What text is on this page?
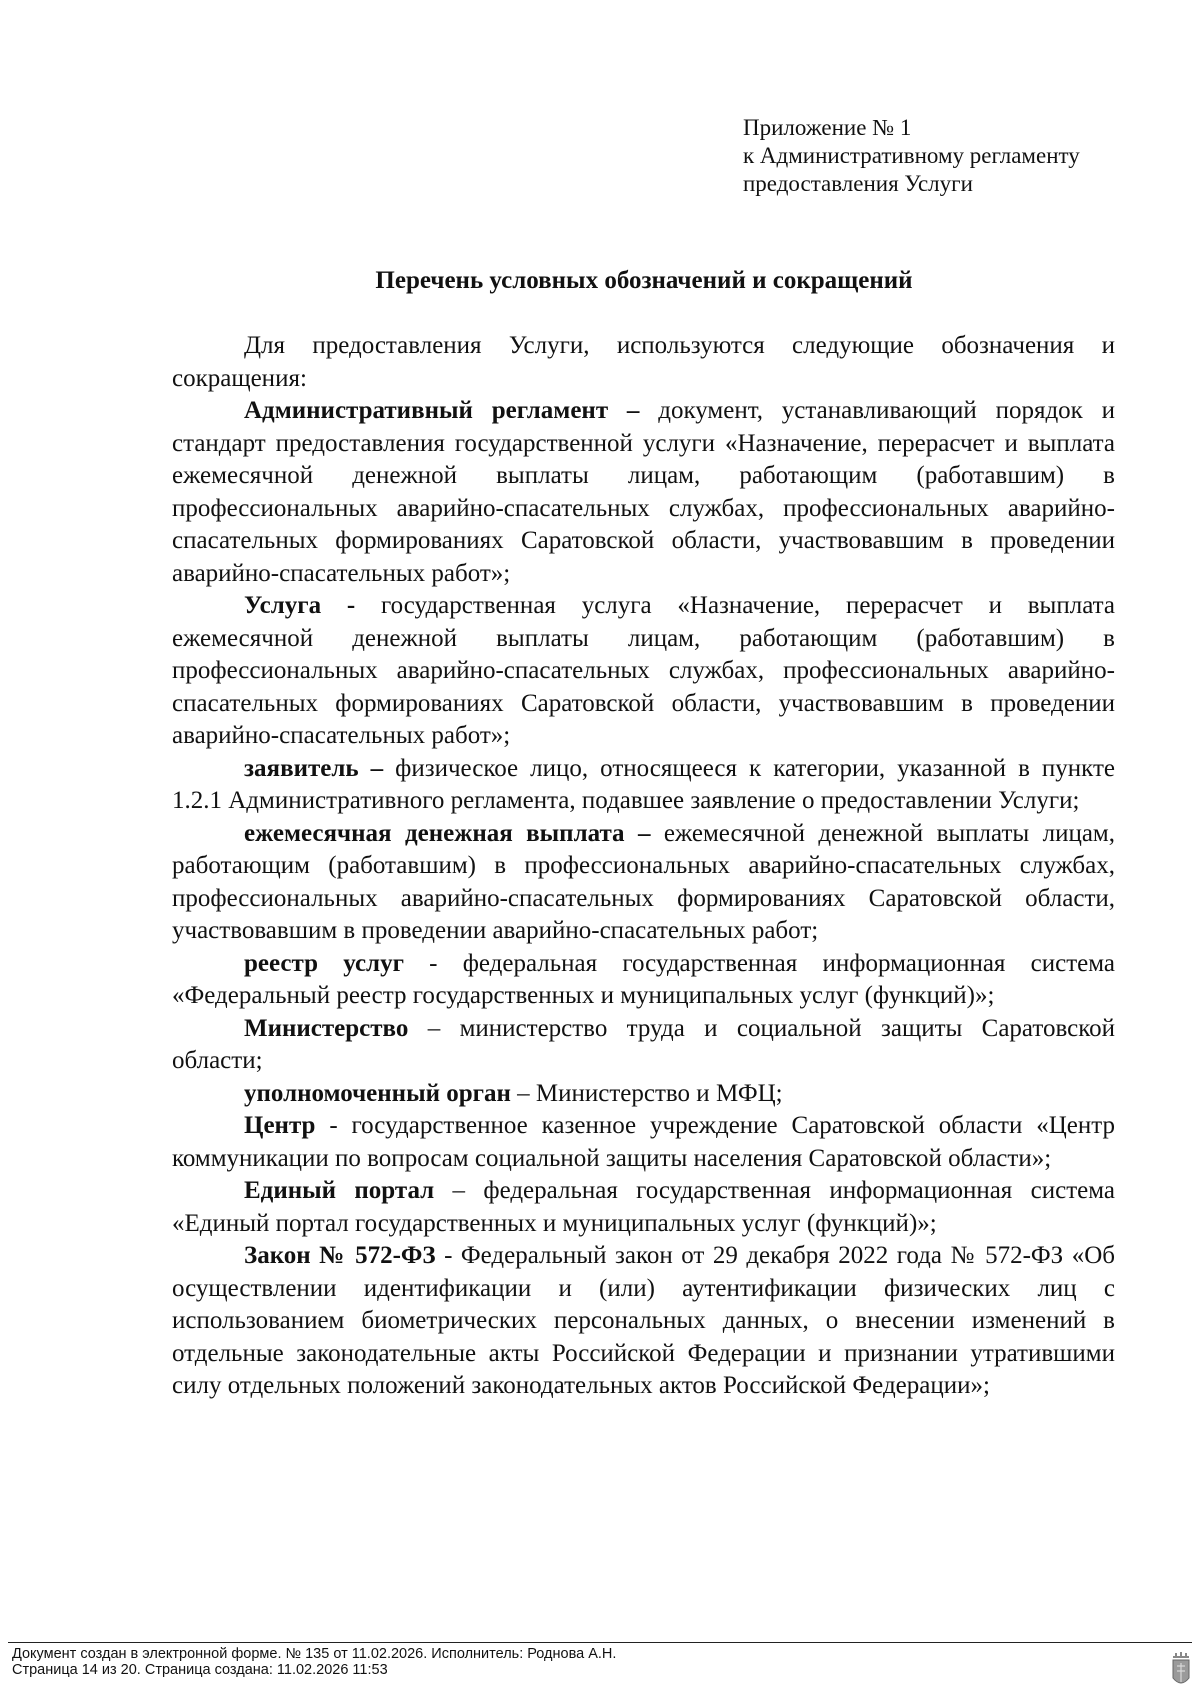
Приложение № 1
к Административному регламенту
предоставления Услуги
Перечень условных обозначений и сокращений

Для предоставления Услуги, используются следующие обозначения и сокращения:

Административный регламент – документ, устанавливающий порядок и стандарт предоставления государственной услуги «Назначение, перерасчет и выплата ежемесячной денежной выплаты лицам, работающим (работавшим) в профессиональных аварийно-спасательных службах, профессиональных аварийно-спасательных формированиях Саратовской области, участвовавшим в проведении аварийно-спасательных работ»;

Услуга - государственная услуга «Назначение, перерасчет и выплата ежемесячной денежной выплаты лицам, работающим (работавшим) в профессиональных аварийно-спасательных службах, профессиональных аварийно-спасательных формированиях Саратовской области, участвовавшим в проведении аварийно-спасательных работ»;

заявитель – физическое лицо, относящееся к категории, указанной в пункте 1.2.1 Административного регламента, подавшее заявление о предоставлении Услуги;

ежемесячная денежная выплата – ежемесячной денежной выплаты лицам, работающим (работавшим) в профессиональных аварийно-спасательных службах, профессиональных аварийно-спасательных формированиях Саратовской области, участвовавшим в проведении аварийно-спасательных работ;

реестр услуг - федеральная государственная информационная система «Федеральный реестр государственных и муниципальных услуг (функций)»;

Министерство – министерство труда и социальной защиты Саратовской области;

уполномоченный орган – Министерство и МФЦ;

Центр - государственное казенное учреждение Саратовской области «Центр коммуникации по вопросам социальной защиты населения Саратовской области»;

Единый портал – федеральная государственная информационная система «Единый портал государственных и муниципальных услуг (функций)»;

Закон № 572-ФЗ - Федеральный закон от 29 декабря 2022 года № 572-ФЗ «Об осуществлении идентификации и (или) аутентификации физических лиц с использованием биометрических персональных данных, о внесении изменений в отдельные законодательные акты Российской Федерации и признании утратившими силу отдельных положений законодательных актов Российской Федерации»;

Документ создан в электронной форме. № 135 от 11.02.2026. Исполнитель: Роднова А.Н.
Страница 14 из 20. Страница создана: 11.02.2026 11:53
